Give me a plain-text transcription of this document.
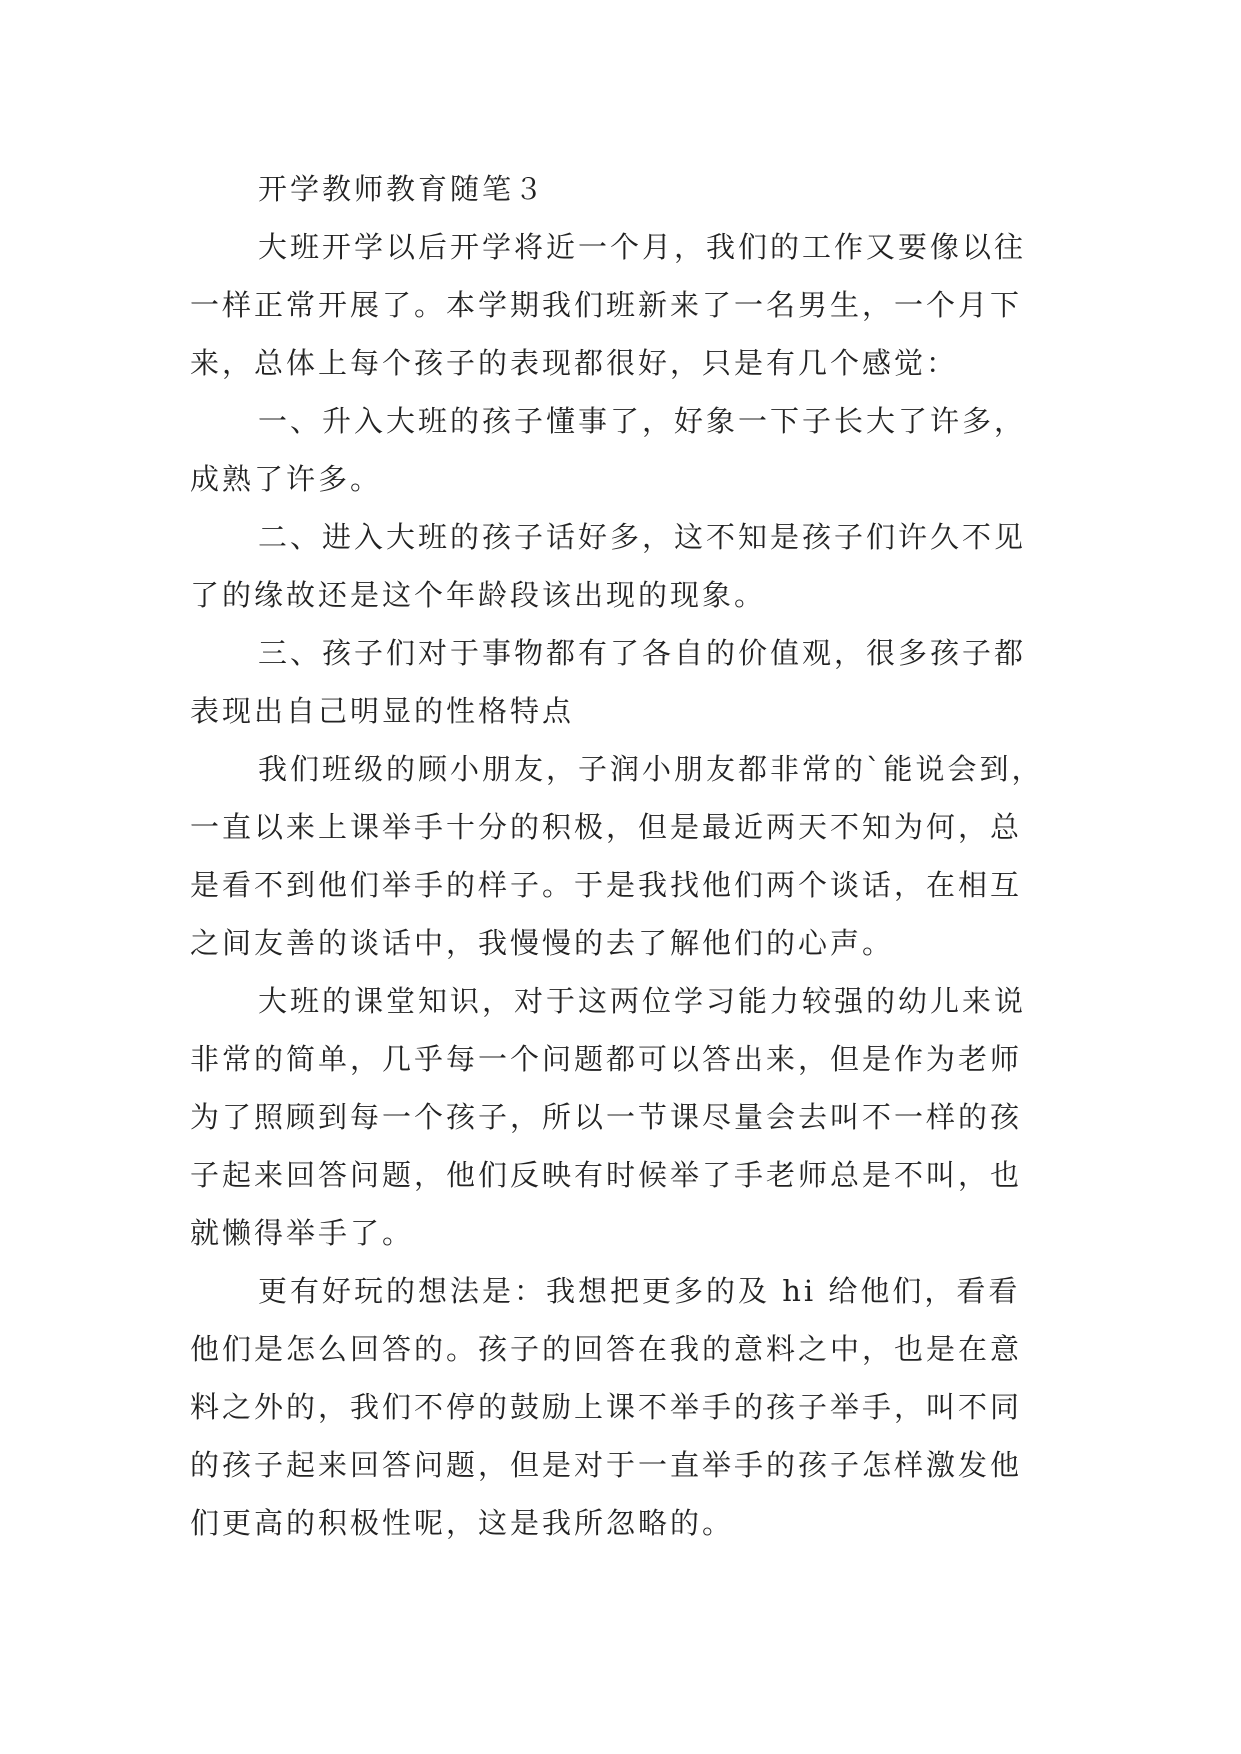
开学教师教育随笔３
大班开学以后开学将近一个月，我们的工作又要像以往
一样正常开展了。本学期我们班新来了一名男生，一个月下
来，总体上每个孩子的表现都很好，只是有几个感觉：
一、升入大班的孩子懂事了，好象一下子长大了许多，
成熟了许多。
二、进入大班的孩子话好多，这不知是孩子们许久不见
了的缘故还是这个年龄段该出现的现象。
三、孩子们对于事物都有了各自的价值观，很多孩子都
表现出自己明显的性格特点
我们班级的顾小朋友，子润小朋友都非常的`能说会到，
一直以来上课举手十分的积极，但是最近两天不知为何，总
是看不到他们举手的样子。于是我找他们两个谈话，在相互
之间友善的谈话中，我慢慢的去了解他们的心声。
大班的课堂知识，对于这两位学习能力较强的幼儿来说
非常的简单，几乎每一个问题都可以答出来，但是作为老师
为了照顾到每一个孩子，所以一节课尽量会去叫不一样的孩
子起来回答问题，他们反映有时候举了手老师总是不叫，也
就懒得举手了。
更有好玩的想法是：我想把更多的及 hi 给他们，看看
他们是怎么回答的。孩子的回答在我的意料之中，也是在意
料之外的，我们不停的鼓励上课不举手的孩子举手，叫不同
的孩子起来回答问题，但是对于一直举手的孩子怎样激发他
们更高的积极性呢，这是我所忽略的。
